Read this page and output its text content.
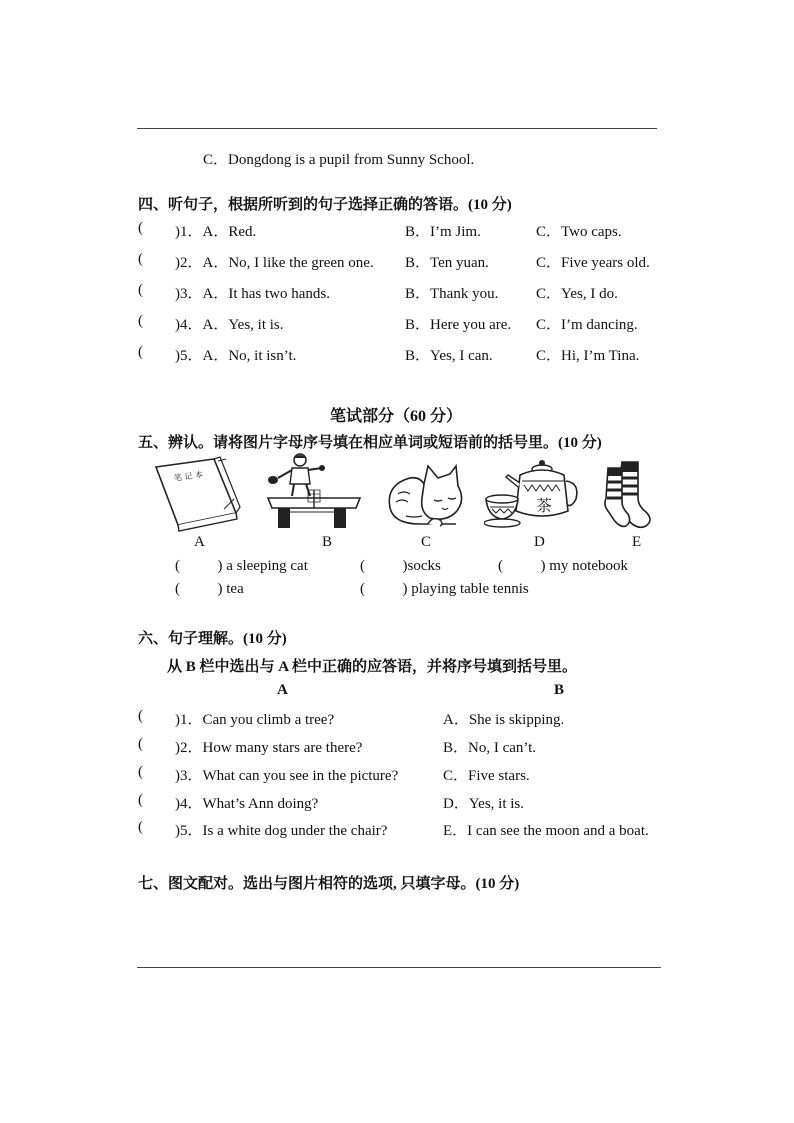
C．Dongdong is a pupil from Sunny School.
四、听句子，根据所听到的句子选择正确的答语。(10 分)
( )1．A．Red.	B．I’m Jim.	C．Two caps.
( )2．A．No, I like the green one. B．Ten yuan.	C．Five years old.
( )3．A．It has two hands.	B．Thank you.	C．Yes, I do.
( )4．A．Yes, it is.	B．Here you are. C．I’m dancing.
( )5．A．No, it isn’t.	B．Yes, I can.	C．Hi, I’m Tina.
笔试部分（60 分）
五、辨认。请将图片字母序号填在相应单词或短语前的括号里。(10 分)
笔 记 本
茶
A	B	C	D	E
(          ) a sleeping cat	(          )socks	(          ) my notebook
(          ) tea	(          ) playing table tennis
六、句子理解。(10 分)
从 B 栏中选出与 A 栏中正确的应答语，并将序号填到括号里。
A	B
( )1．Can you climb a tree?	A．She is skipping.
( )2．How many stars are there?	B．No, I can’t.
( )3．What can you see in the picture?	C．Five stars.
( )4．What’s Ann doing?	D．Yes, it is.
( )5．Is a white dog under the chair?	E．I can see the moon and a boat.
七、图文配对。选出与图片相符的选项, 只填字母。(10 分)
